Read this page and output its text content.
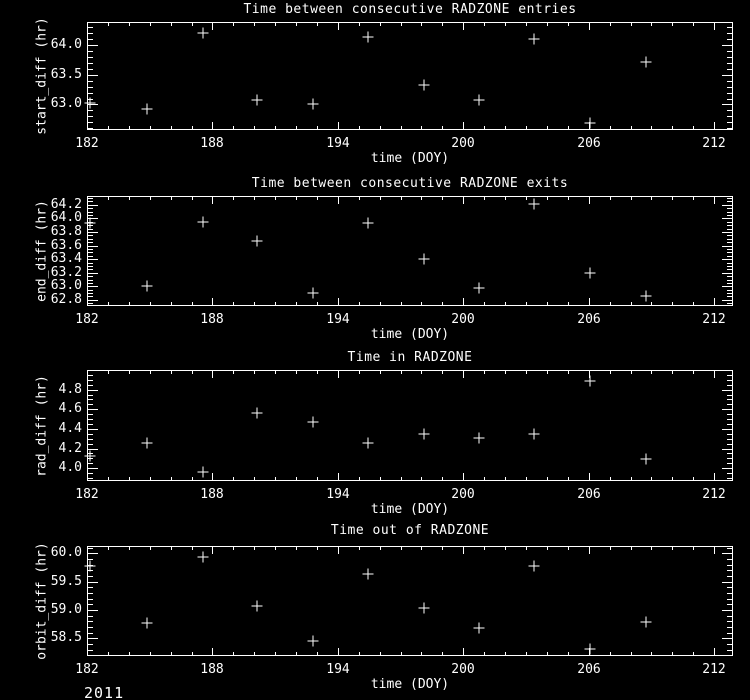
2011
Time between consecutive RADZONE entries
63.0
63.5
64.0
182	188	194	200	206	212
time (DOY)
start_diff (hr)
Time between consecutive RADZONE exits
62.8
63.0
63.2
63.4
63.6
63.8
64.0
64.2
182	188	194	200	206	212
time (DOY)
end_diff (hr)
Time in RADZONE
4.0
4.2
4.4
4.6
4.8
182	188	194	200	206	212
time (DOY)
rad_diff (hr)
Time out of RADZONE
58.5
59.0
59.5
60.0
182	188	194	200	206	212
time (DOY)
orbit_diff (hr)
